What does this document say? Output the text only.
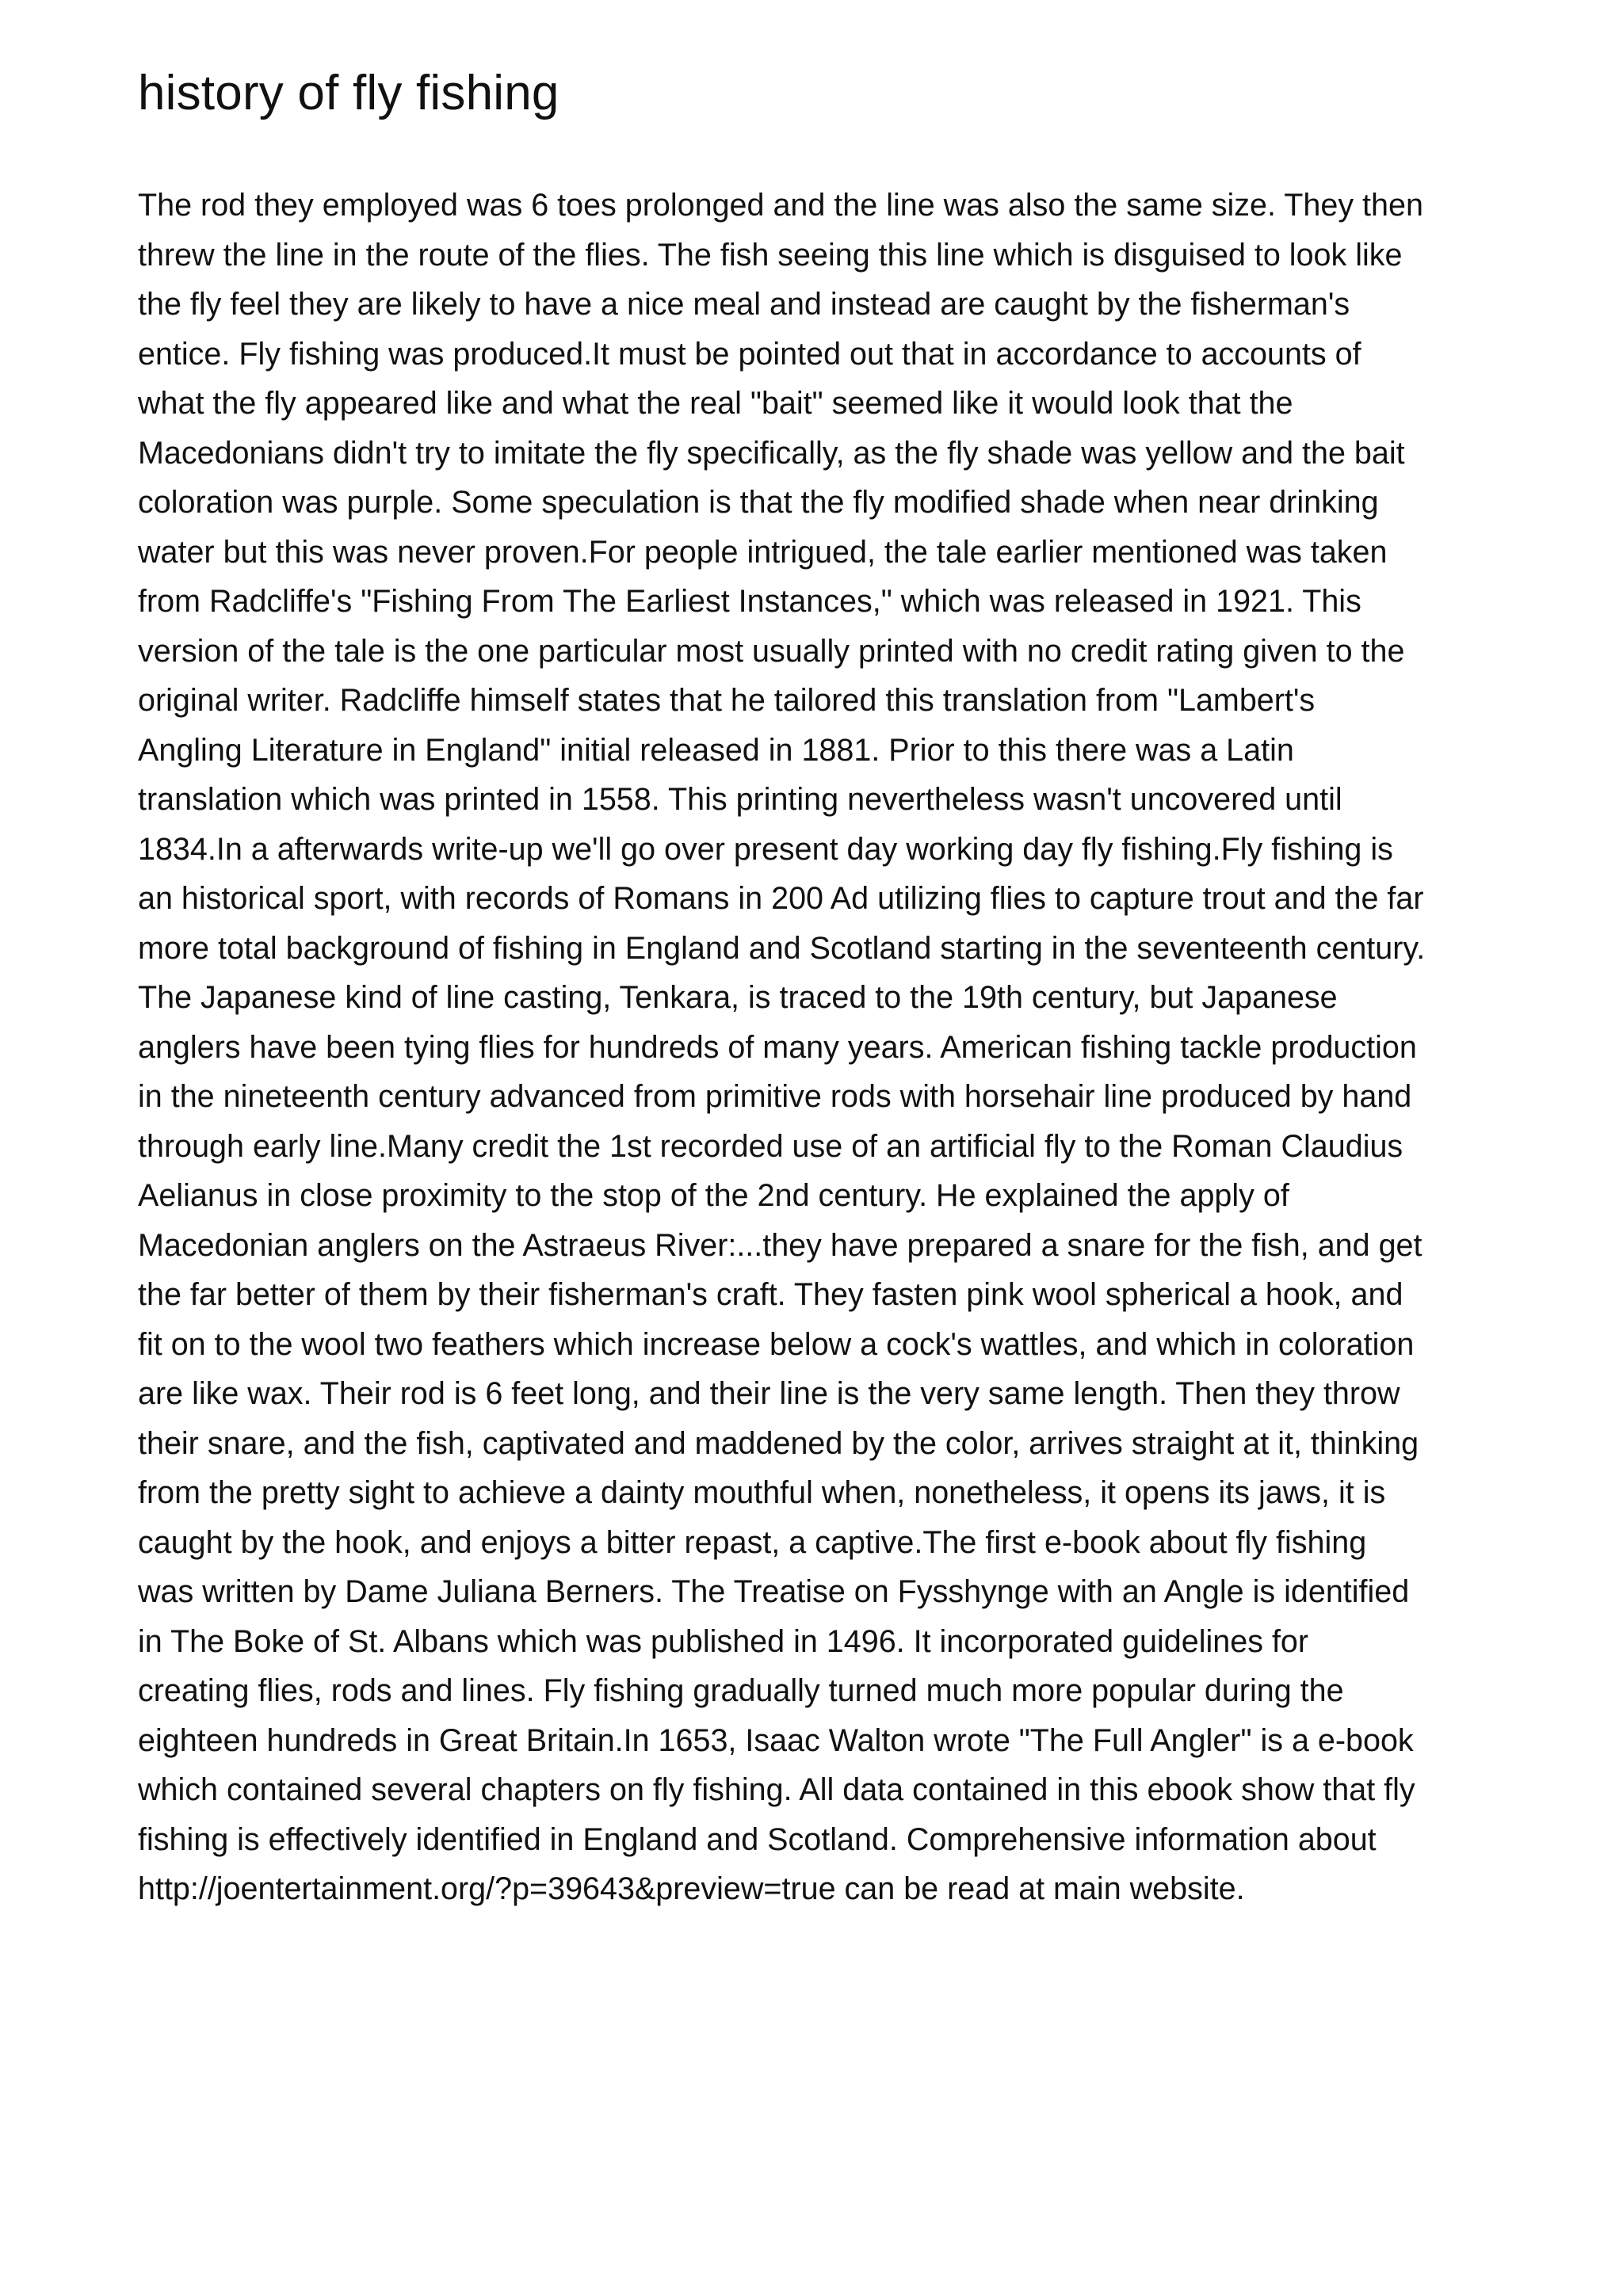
history of fly fishing
The rod they employed was 6 toes prolonged and the line was also the same size. They then
threw the line in the route of the flies. The fish seeing this line which is disguised to look like
the fly feel they are likely to have a nice meal and instead are caught by the fisherman's
entice. Fly fishing was produced.It must be pointed out that in accordance to accounts of
what the fly appeared like and what the real "bait" seemed like it would look that the
Macedonians didn't try to imitate the fly specifically, as the fly shade was yellow and the bait
coloration was purple. Some speculation is that the fly modified shade when near drinking
water but this was never proven.For people intrigued, the tale earlier mentioned was taken
from Radcliffe's "Fishing From The Earliest Instances," which was released in 1921. This
version of the tale is the one particular most usually printed with no credit rating given to the
original writer. Radcliffe himself states that he tailored this translation from "Lambert's
Angling Literature in England" initial released in 1881. Prior to this there was a Latin
translation which was printed in 1558. This printing nevertheless wasn't uncovered until
1834.In a afterwards write-up we'll go over present day working day fly fishing.Fly fishing is
an historical sport, with records of Romans in 200 Ad utilizing flies to capture trout and the far
more total background of fishing in England and Scotland starting in the seventeenth century.
The Japanese kind of line casting, Tenkara, is traced to the 19th century, but Japanese
anglers have been tying flies for hundreds of many years. American fishing tackle production
in the nineteenth century advanced from primitive rods with horsehair line produced by hand
through early line.Many credit the 1st recorded use of an artificial fly to the Roman Claudius
Aelianus in close proximity to the stop of the 2nd century. He explained the apply of
Macedonian anglers on the Astraeus River:...they have prepared a snare for the fish, and get
the far better of them by their fisherman's craft. They fasten pink wool spherical a hook, and
fit on to the wool two feathers which increase below a cock's wattles, and which in coloration
are like wax. Their rod is 6 feet long, and their line is the very same length. Then they throw
their snare, and the fish, captivated and maddened by the color, arrives straight at it, thinking
from the pretty sight to achieve a dainty mouthful when, nonetheless, it opens its jaws, it is
caught by the hook, and enjoys a bitter repast, a captive.The first e-book about fly fishing
was written by Dame Juliana Berners. The Treatise on Fysshynge with an Angle is identified
in The Boke of St. Albans which was published in 1496. It incorporated guidelines for
creating flies, rods and lines. Fly fishing gradually turned much more popular during the
eighteen hundreds in Great Britain.In 1653, Isaac Walton wrote "The Full Angler" is a e-book
which contained several chapters on fly fishing. All data contained in this ebook show that fly
fishing is effectively identified in England and Scotland. Comprehensive information about
http://joentertainment.org/?p=39643&preview=true can be read at main website.
